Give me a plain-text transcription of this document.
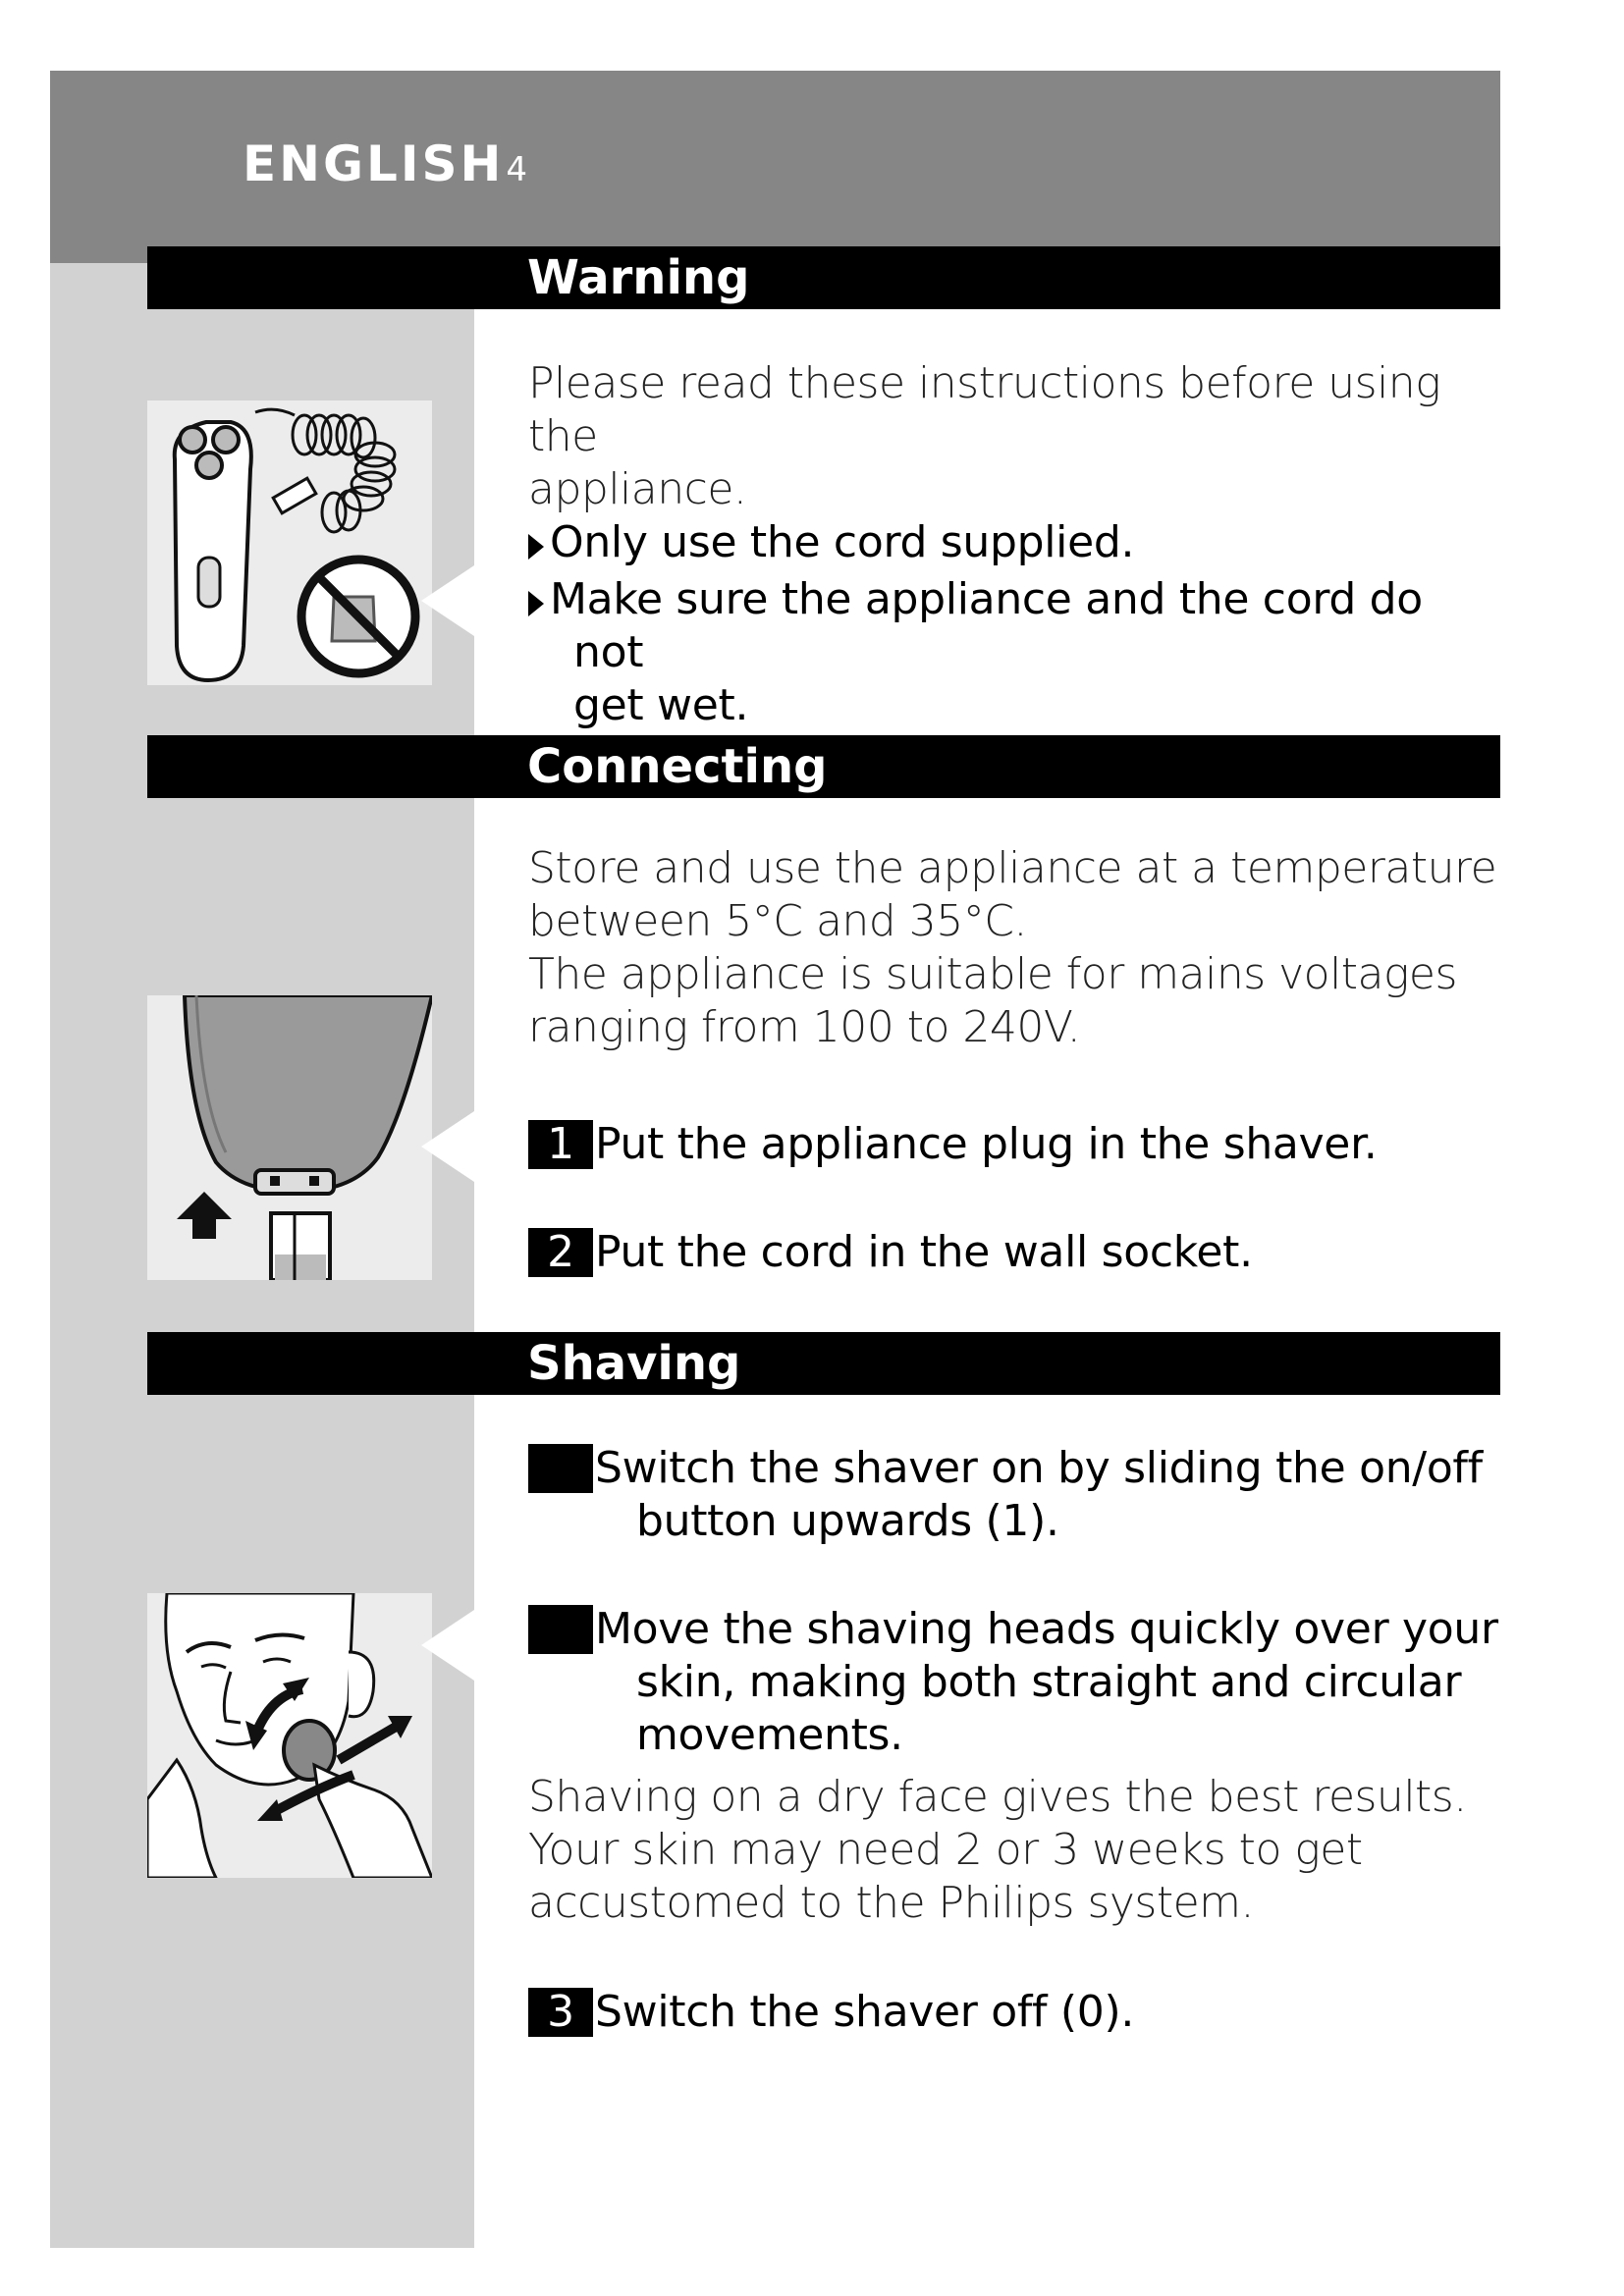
ENGLISH4
Warning
Please read these instructions before using the
appliance.
Only use the cord supplied.
Make sure the appliance and the cord do not
get wet.
Connecting
Store and use the appliance at a temperature
between 5°C and 35°C.
The appliance is suitable for mains voltages
ranging from 100 to 240V.
1 Put the appliance plug in the shaver.
2 Put the cord in the wall socket.
Shaving
1 Switch the shaver on by sliding the on/off
button upwards (1).
2 Move the shaving heads quickly over your
skin, making both straight and circular
movements.
Shaving on a dry face gives the best results.
Your skin may need 2 or 3 weeks to get
accustomed to the Philips system.
3 Switch the shaver off (0).
